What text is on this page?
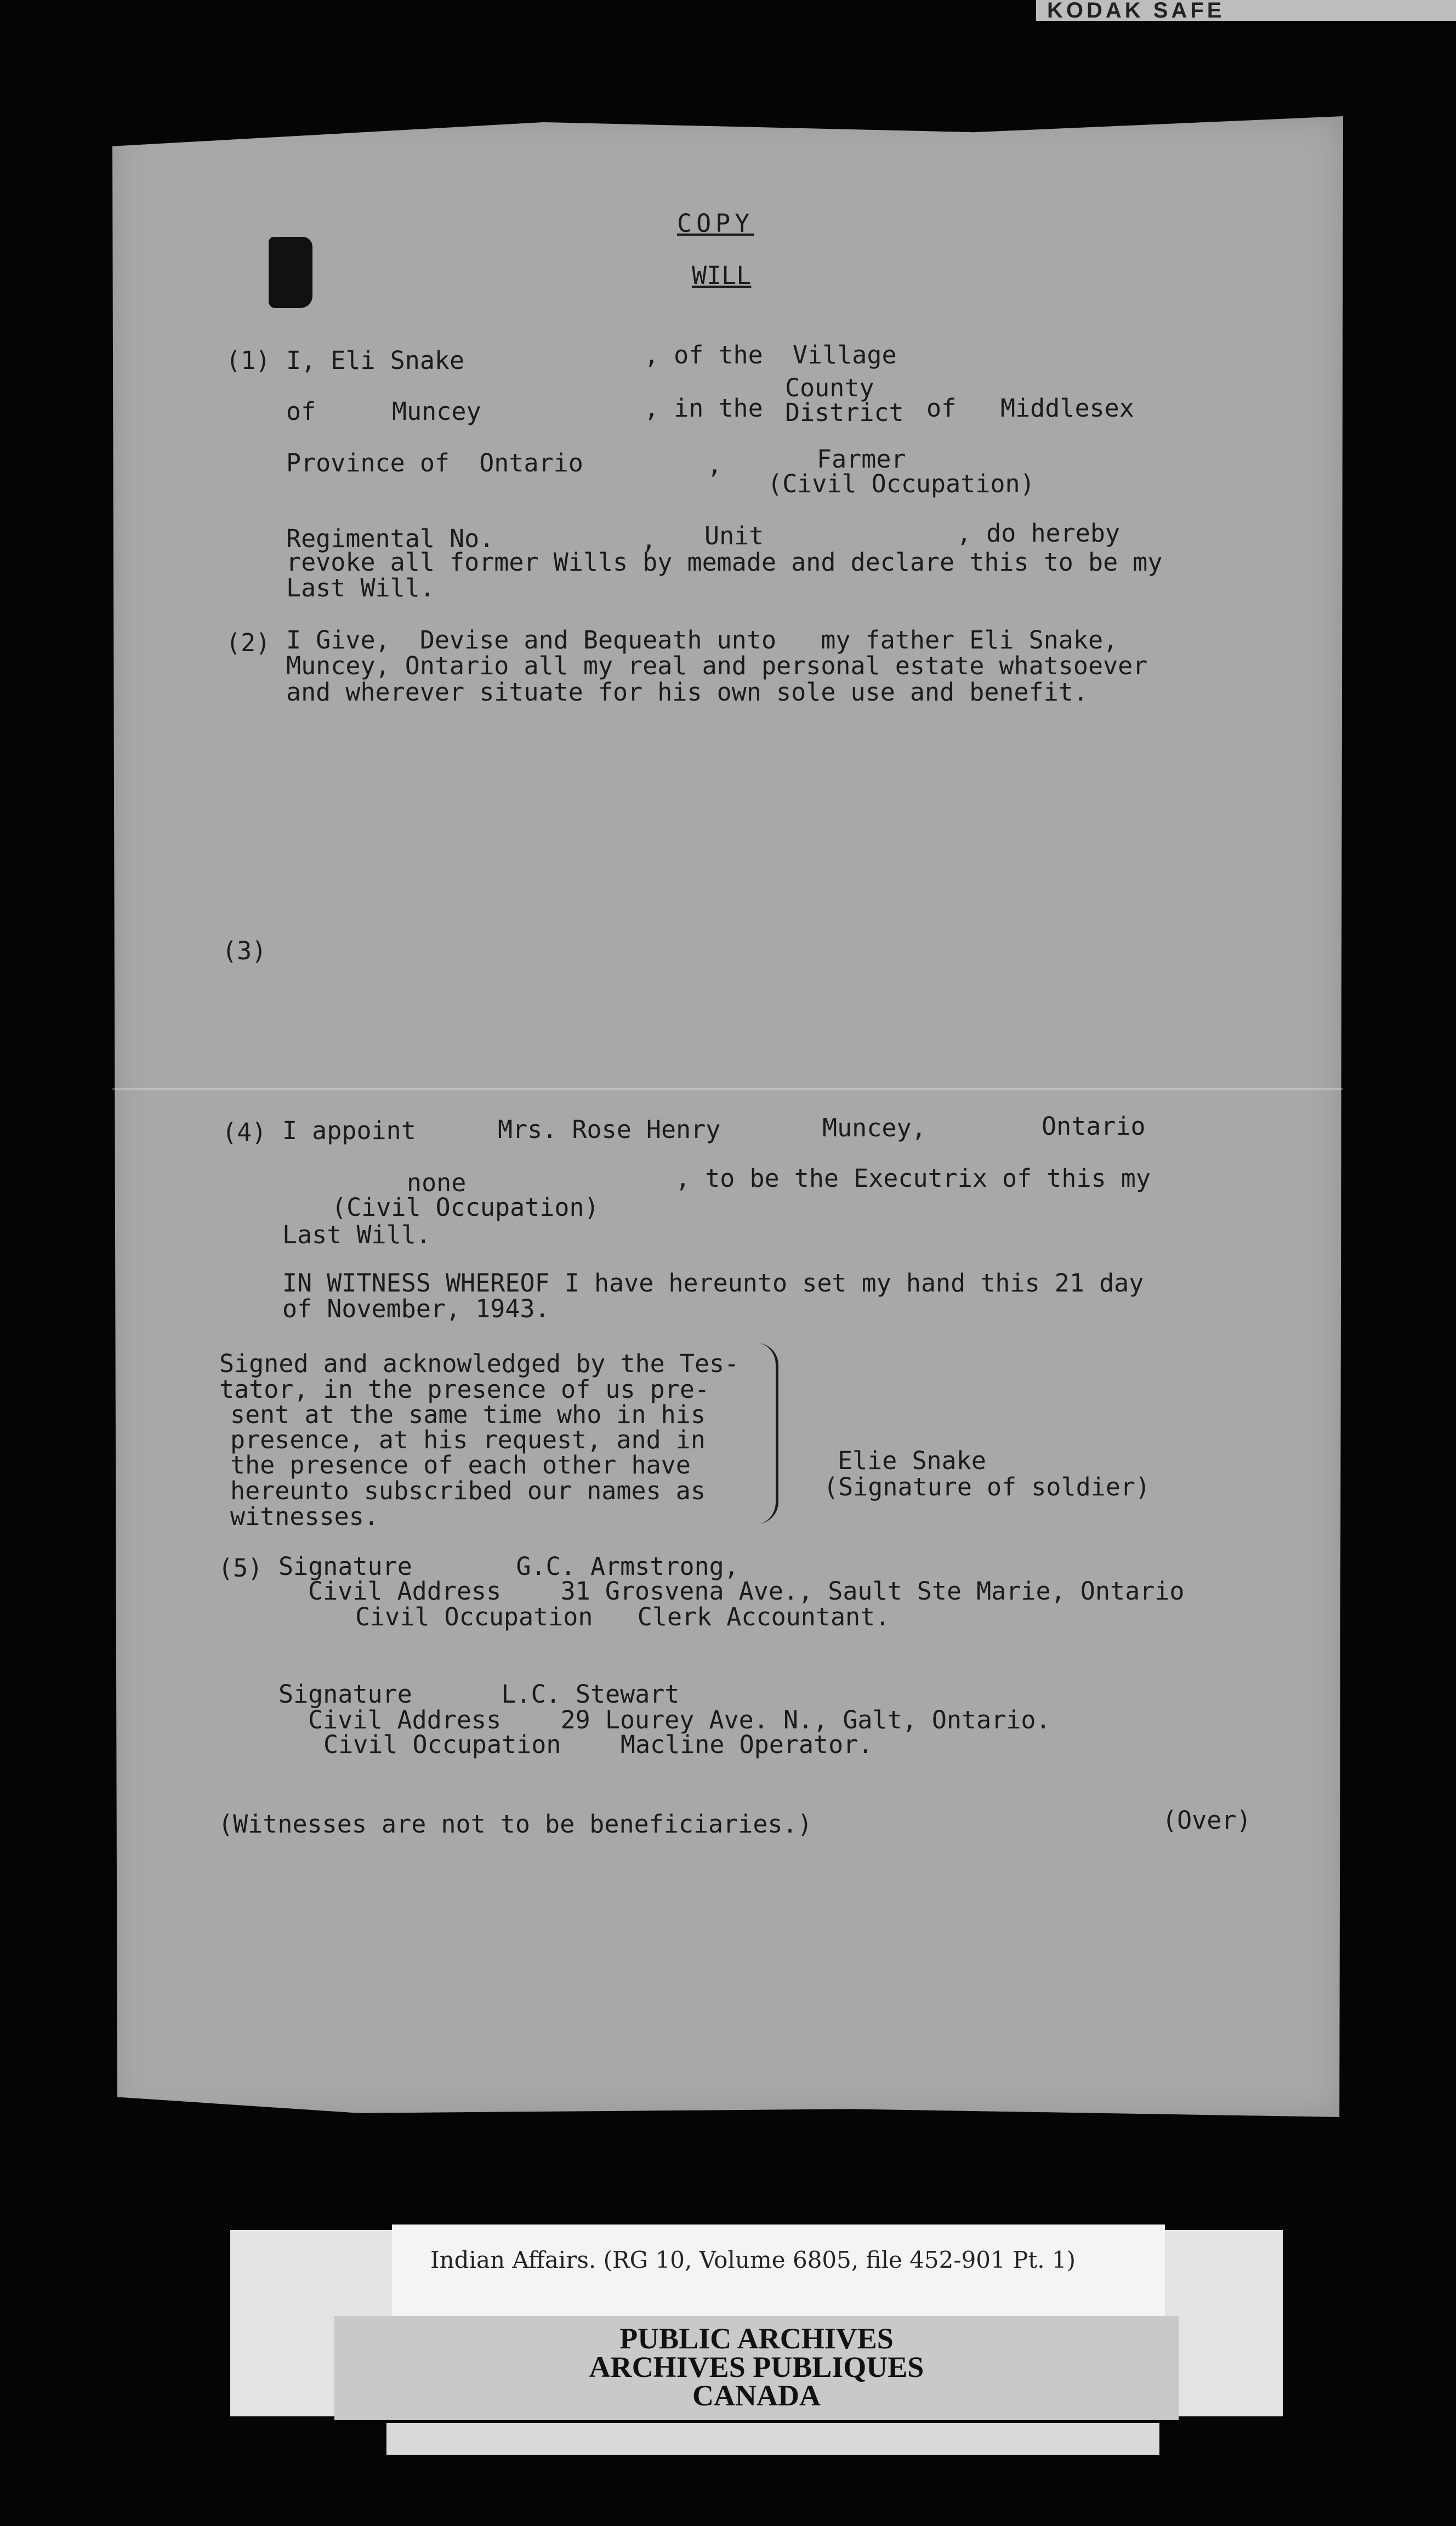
KODAK SAFE
COPY
WILL
(1) I, Eli Snake	, of the  Village
of	Muncey	, in the
County
District of Middlesex
Province of  Ontario	,	Farmer
(Civil Occupation)
Regimental No.	, Unit	, do hereby
revoke all former Wills by memade and declare this to be my
Last Will.
(2) I Give,  Devise and Bequeath unto   my father Eli Snake,
Muncey, Ontario all my real and personal estate whatsoever
and wherever situate for his own sole use and benefit.
(3)
(4) I appoint	Mrs. Rose Henry	Muncey,	Ontario
none	, to be the Executrix of this my
(Civil Occupation)
Last Will.
IN WITNESS WHEREOF I have hereunto set my hand this 21 day
of November, 1943.
Signed and acknowledged by the Tes-
tator, in the presence of us pre-
sent at the same time who in his
presence, at his request, and in
the presence of each other have
hereunto subscribed our names as
witnesses.
Elie Snake
(Signature of soldier)
(5) Signature       G.C. Armstrong,
Civil Address    31 Grosvena Ave., Sault Ste Marie, Ontario
Civil Occupation   Clerk Accountant.
Signature      L.C. Stewart
Civil Address    29 Lourey Ave. N., Galt, Ontario.
Civil Occupation    Macline Operator.
(Witnesses are not to be beneficiaries.)	(Over)
Indian Affairs. (RG 10, Volume 6805, file 452-901 Pt. 1)
PUBLIC ARCHIVES
ARCHIVES PUBLIQUES
CANADA
